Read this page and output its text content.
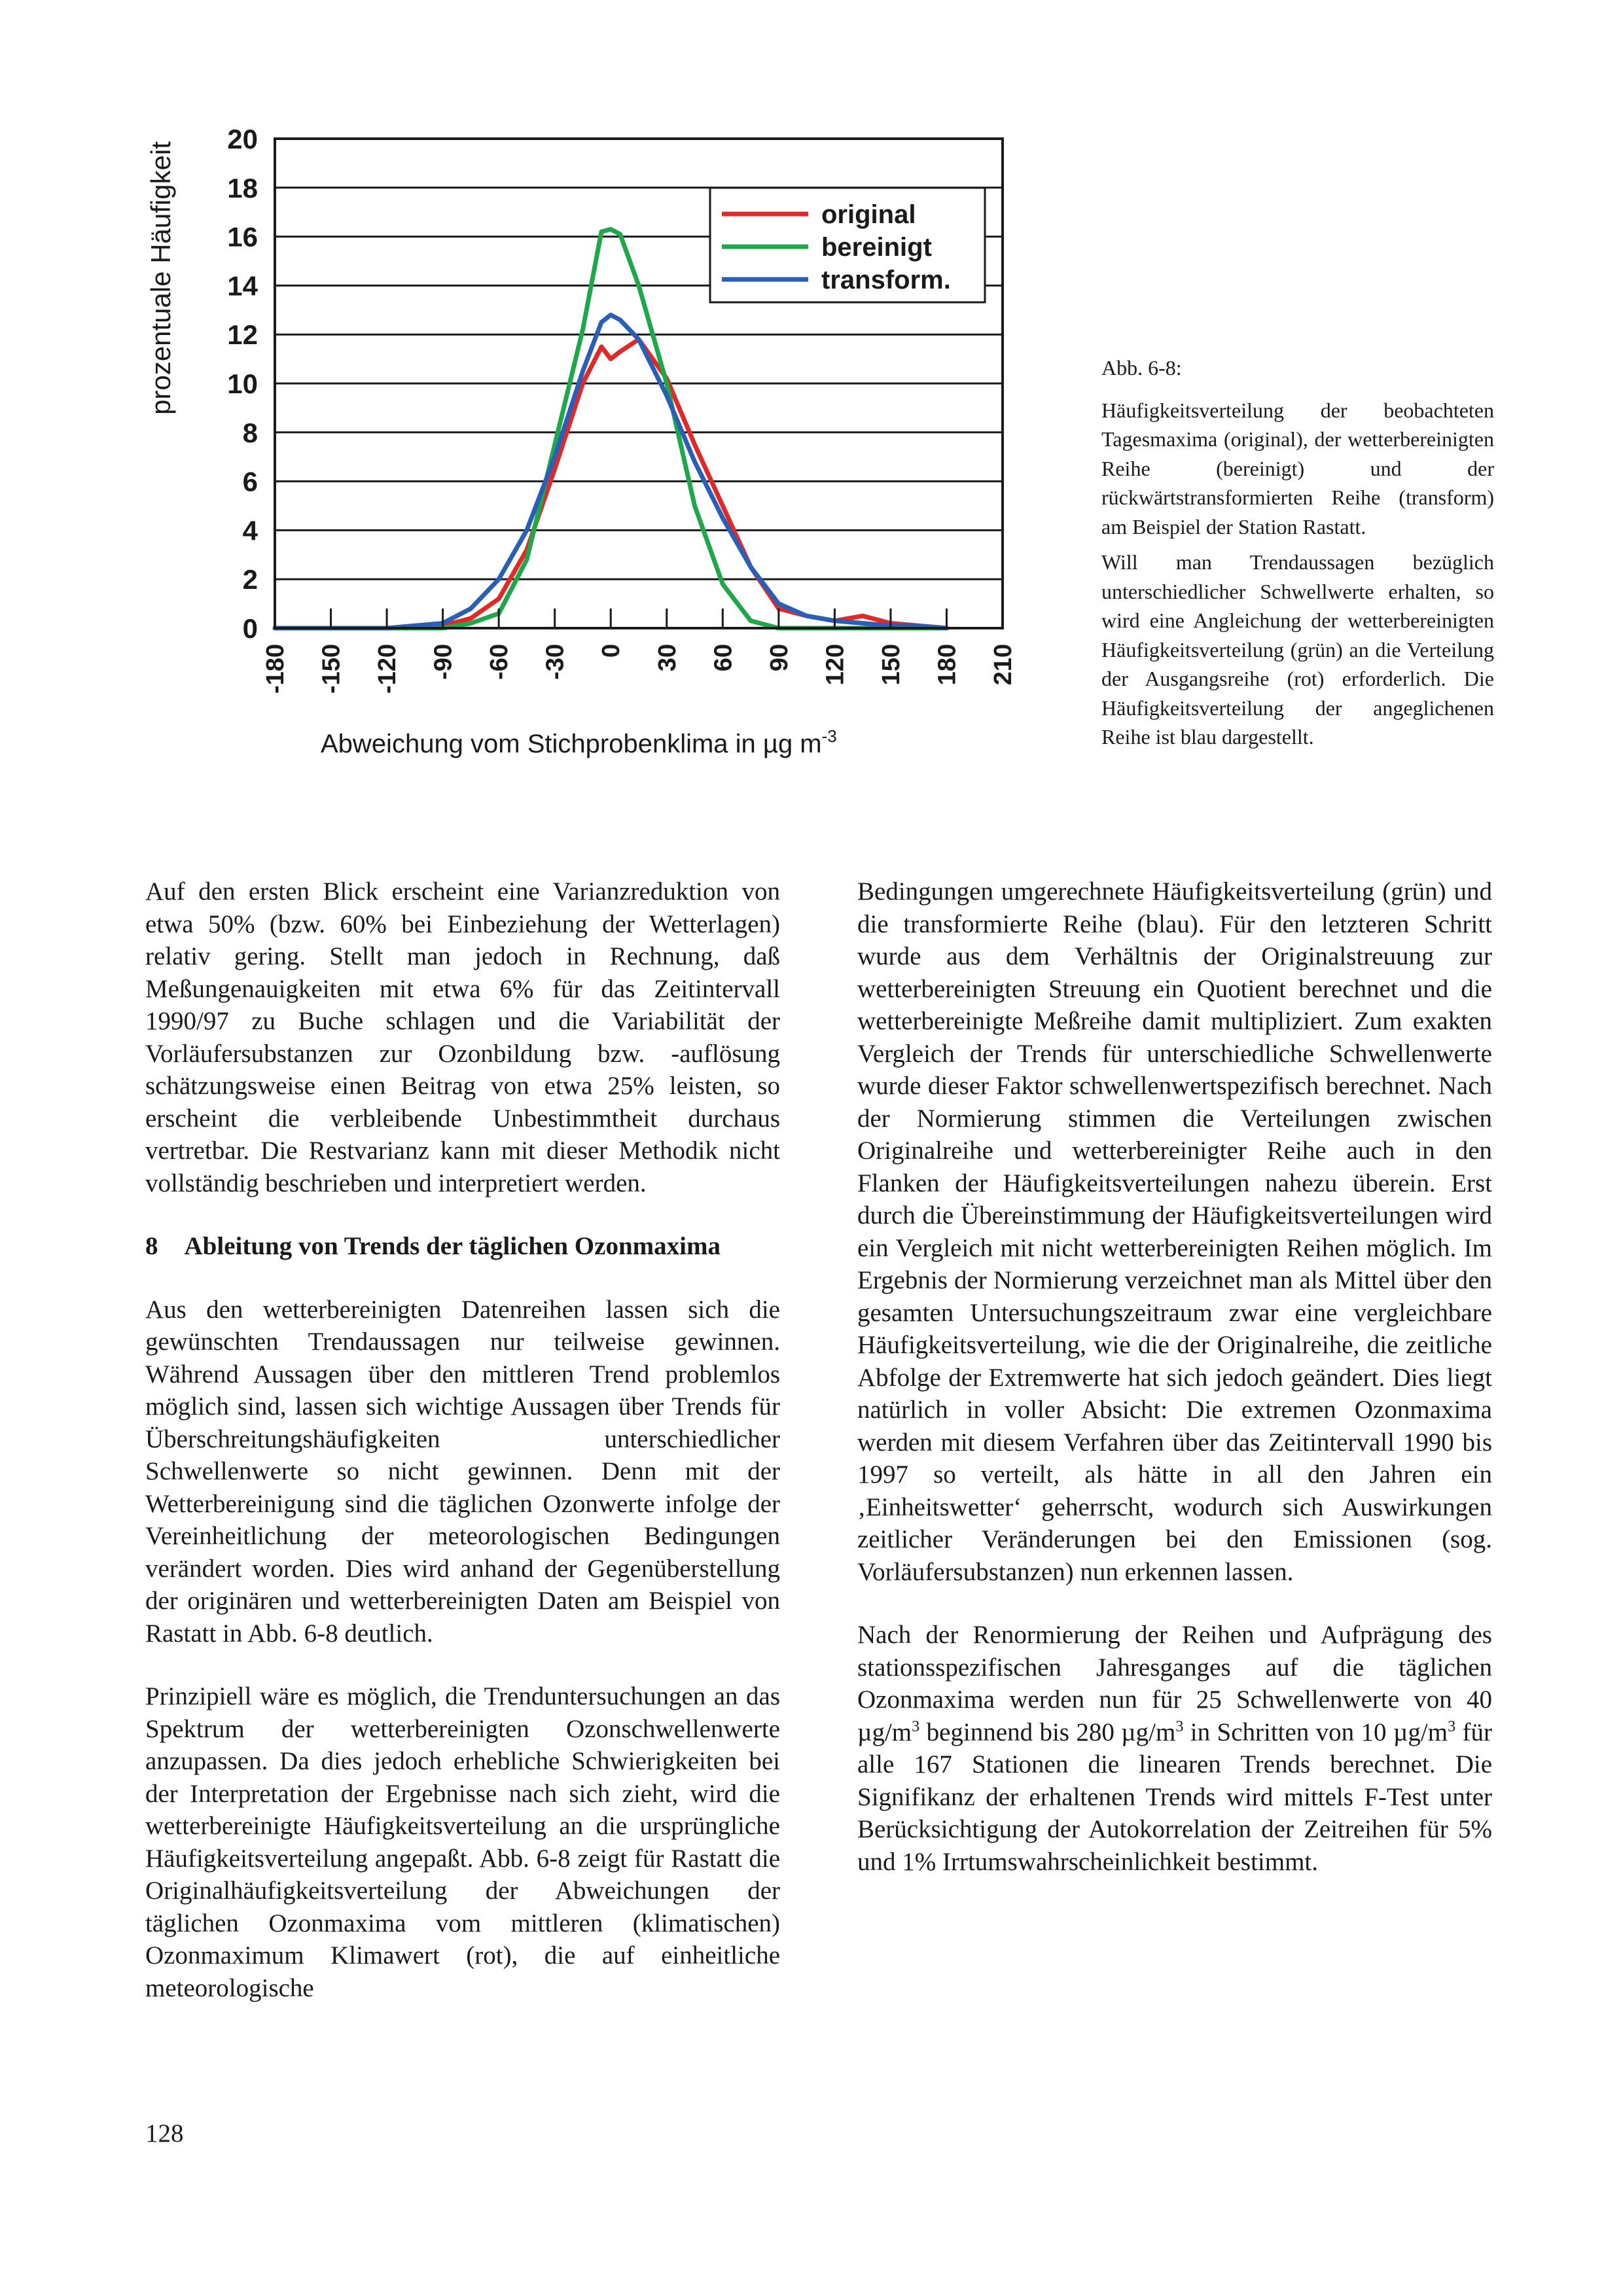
0
2
4
6
8
10
12
14
16
18
20
-180 -150 -120 -90 -60 -30 0 30 60 90 120 150 180 210
original
bereinigt
transform.
prozentuale Häufigkeit
Abweichung vom Stichprobenklima in µg $m^{-3}$

Abb. 6-8:

Häufigkeitsverteilung der beobachteten Tagesmaxima (original), der wetterbereinigten Reihe (bereinigt) und der rückwärtstransformierten Reihe (transform) am Beispiel der Station Rastatt.

Will man Trendaussagen bezüglich unterschiedlicher Schwellwerte erhalten, so wird eine Angleichung der wetterbereinigten Häufigkeitsverteilung (grün) an die Verteilung der Ausgangsreihe (rot) erforderlich. Die Häufigkeitsverteilung der angeglichenen Reihe ist blau dargestellt.

Auf den ersten Blick erscheint eine Varianzreduktion von etwa 50% (bzw. 60% bei Einbeziehung der Wetterlagen) relativ gering. Stellt man jedoch in Rechnung, daß Meßungenauigkeiten mit etwa 6% für das Zeitintervall 1990/97 zu Buche schlagen und die Variabilität der Vorläufersubstanzen zur Ozonbildung bzw. -auflösung schätzungsweise einen Beitrag von etwa 25% leisten, so erscheint die verbleibende Unbestimmtheit durchaus vertretbar. Die Restvarianz kann mit dieser Methodik nicht vollständig beschrieben und interpretiert werden.

8 Ableitung von Trends der täglichen Ozonmaxima

Aus den wetterbereinigten Datenreihen lassen sich die gewünschten Trendaussagen nur teilweise gewinnen. Während Aussagen über den mittleren Trend problemlos möglich sind, lassen sich wichtige Aussagen über Trends für Überschreitungshäufigkeiten unterschiedlicher Schwellenwerte so nicht gewinnen. Denn mit der Wetterbereinigung sind die täglichen Ozonwerte infolge der Vereinheitlichung der meteorologischen Bedingungen verändert worden. Dies wird anhand der Gegenüberstellung der originären und wetterbereinigten Daten am Beispiel von Rastatt in Abb. 6-8 deutlich.

Prinzipiell wäre es möglich, die Trenduntersuchungen an das Spektrum der wetterbereinigten Ozonschwellenwerte anzupassen. Da dies jedoch erhebliche Schwierigkeiten bei der Interpretation der Ergebnisse nach sich zieht, wird die wetterbereinigte Häufigkeitsverteilung an die ursprüngliche Häufigkeitsverteilung angepaßt. Abb. 6-8 zeigt für Rastatt die Originalhäufigkeitsverteilung der Abweichungen der täglichen Ozonmaxima vom mittleren (klimatischen) Ozonmaximum Klimawert (rot), die auf einheitliche meteorologische

Bedingungen umgerechnete Häufigkeitsverteilung (grün) und die transformierte Reihe (blau). Für den letzteren Schritt wurde aus dem Verhältnis der Originalstreuung zur wetterbereinigten Streuung ein Quotient berechnet und die wetterbereinigte Meßreihe damit multipliziert. Zum exakten Vergleich der Trends für unterschiedliche Schwellenwerte wurde dieser Faktor schwellenwertspezifisch berechnet. Nach der Normierung stimmen die Verteilungen zwischen Originalreihe und wetterbereinigter Reihe auch in den Flanken der Häufigkeitsverteilungen nahezu überein. Erst durch die Übereinstimmung der Häufigkeitsverteilungen wird ein Vergleich mit nicht wetterbereinigten Reihen möglich. Im Ergebnis der Normierung verzeichnet man als Mittel über den gesamten Untersuchungszeitraum zwar eine vergleichbare Häufigkeitsverteilung, wie die der Originalreihe, die zeitliche Abfolge der Extremwerte hat sich jedoch geändert. Dies liegt natürlich in voller Absicht: Die extremen Ozonmaxima werden mit diesem Verfahren über das Zeitintervall 1990 bis 1997 so verteilt, als hätte in all den Jahren ein ‚Einheitswetter‘ geherrscht, wodurch sich Auswirkungen zeitlicher Veränderungen bei den Emissionen (sog. Vorläufersubstanzen) nun erkennen lassen.

Nach der Renormierung der Reihen und Aufprägung des stationsspezifischen Jahresganges auf die täglichen Ozonmaxima werden nun für 25 Schwellenwerte von 40 $\mu g/m^3$ beginnend bis 280 $\mu g/m^3$ in Schritten von 10 $\mu g/m^3$ für alle 167 Stationen die linearen Trends berechnet. Die Signifikanz der erhaltenen Trends wird mittels F-Test unter Berücksichtigung der Autokorrelation der Zeitreihen für 5% und 1% Irrtumswahrscheinlichkeit bestimmt.

128
